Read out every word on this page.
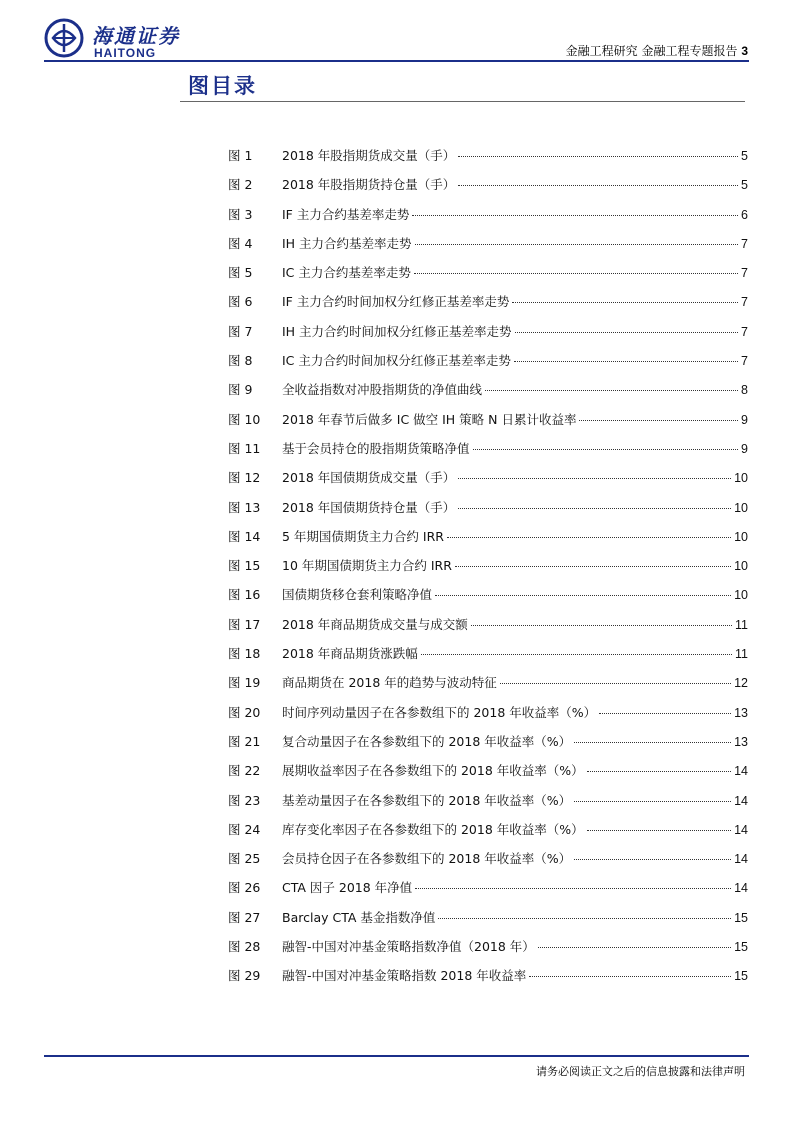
海通证券
HAITONG	金融工程研究 金融工程专题报告 3
图目录
图 1	2018 年股指期货成交量（手）	5
图 2	2018 年股指期货持仓量（手）	5
图 3	IF 主力合约基差率走势	6
图 4	IH 主力合约基差率走势	7
图 5	IC 主力合约基差率走势	7
图 6	IF 主力合约时间加权分红修正基差率走势	7
图 7	IH 主力合约时间加权分红修正基差率走势	7
图 8	IC 主力合约时间加权分红修正基差率走势	7
图 9	全收益指数对冲股指期货的净值曲线	8
图 10	2018 年春节后做多 IC 做空 IH 策略 N 日累计收益率	9
图 11	基于会员持仓的股指期货策略净值	9
图 12	2018 年国债期货成交量（手）	10
图 13	2018 年国债期货持仓量（手）	10
图 14	5 年期国债期货主力合约 IRR	10
图 15	10 年期国债期货主力合约 IRR	10
图 16	国债期货移仓套利策略净值	10
图 17	2018 年商品期货成交量与成交额	11
图 18	2018 年商品期货涨跌幅	11
图 19	商品期货在 2018 年的趋势与波动特征	12
图 20	时间序列动量因子在各参数组下的 2018 年收益率（%）	13
图 21	复合动量因子在各参数组下的 2018 年收益率（%）	13
图 22	展期收益率因子在各参数组下的 2018 年收益率（%）	14
图 23	基差动量因子在各参数组下的 2018 年收益率（%）	14
图 24	库存变化率因子在各参数组下的 2018 年收益率（%）	14
图 25	会员持仓因子在各参数组下的 2018 年收益率（%）	14
图 26	CTA 因子 2018 年净值	14
图 27	Barclay CTA 基金指数净值	15
图 28	融智-中国对冲基金策略指数净值（2018 年）	15
图 29	融智-中国对冲基金策略指数 2018 年收益率	15
请务必阅读正文之后的信息披露和法律声明
